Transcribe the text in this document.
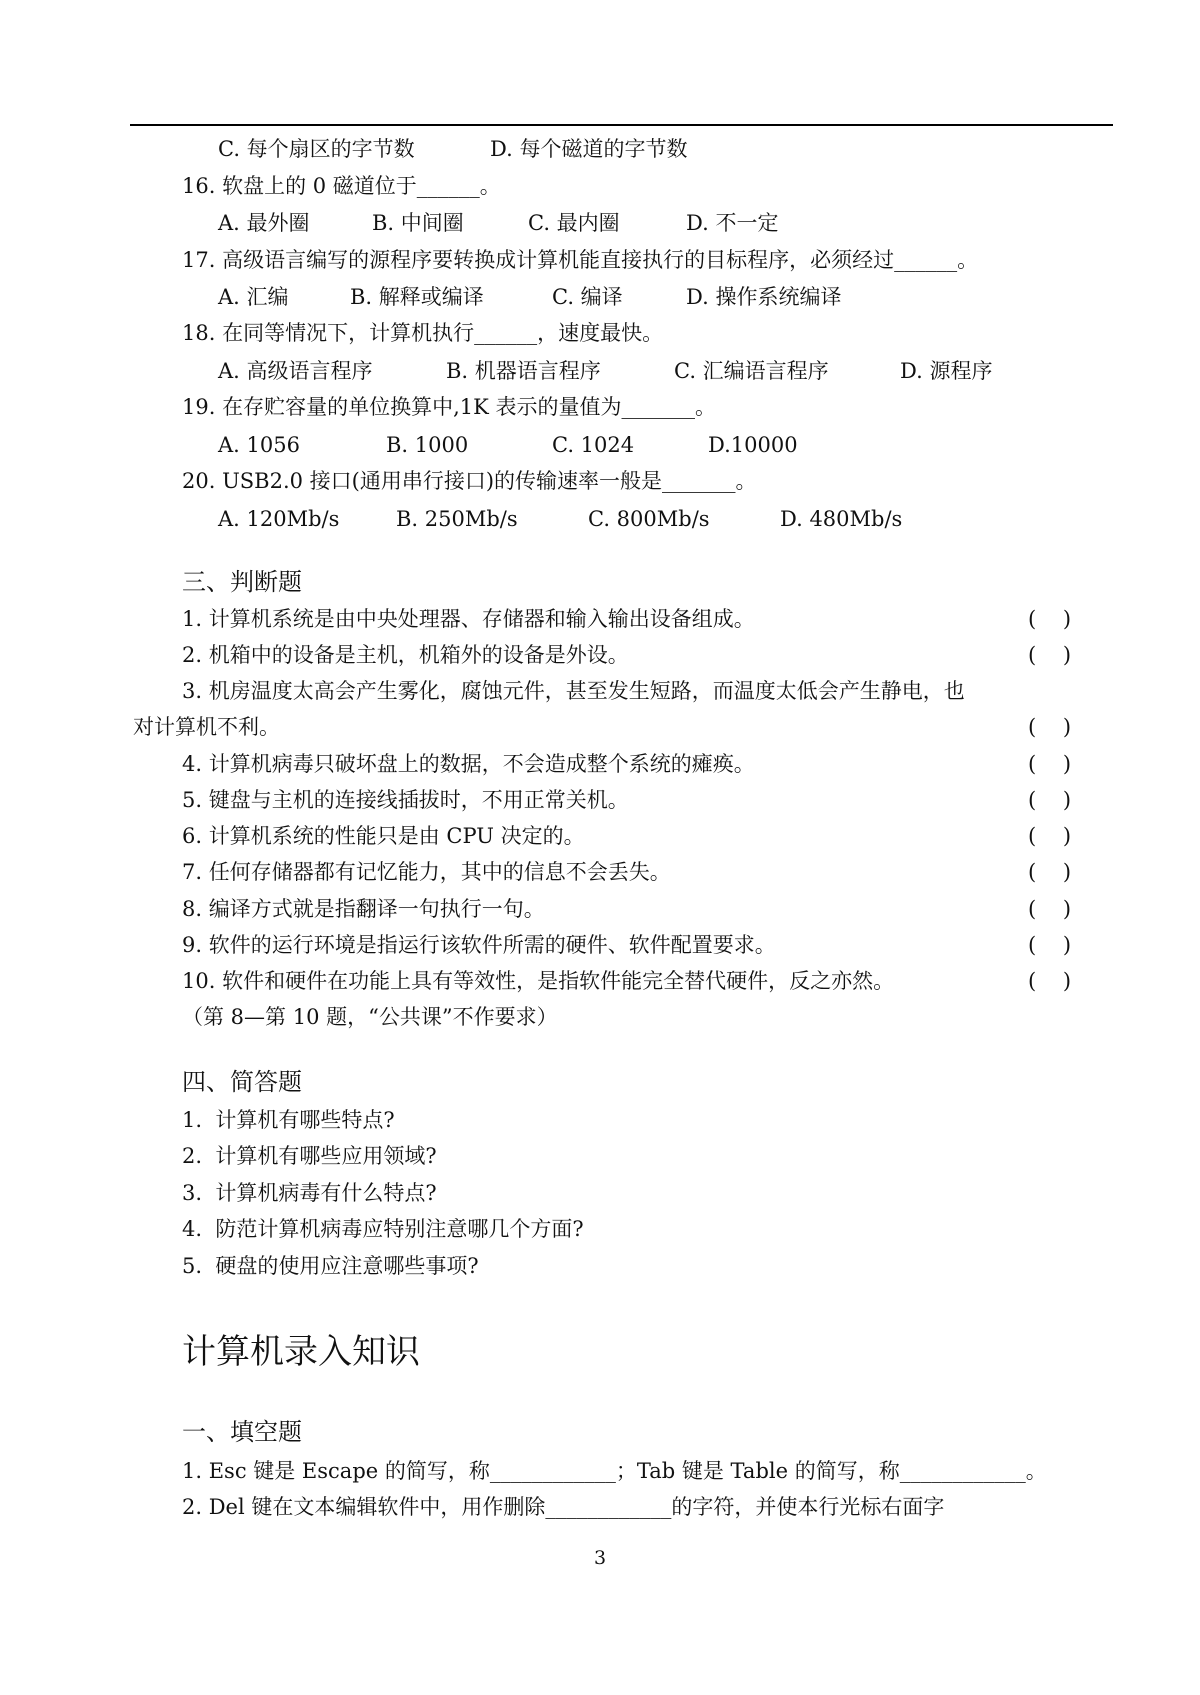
C. 每个扇区的字节数	D. 每个磁道的字节数
16. 软盘上的 0 磁道位于______。
A. 最外圈	B. 中间圈	C. 最内圈	D. 不一定
17. 高级语言编写的源程序要转换成计算机能直接执行的目标程序，必须经过______。
A. 汇编	B. 解释或编译	C. 编译	D. 操作系统编译
18. 在同等情况下，计算机执行______，速度最快。
A. 高级语言程序	B. 机器语言程序	C. 汇编语言程序	D. 源程序
19. 在存贮容量的单位换算中,1K 表示的量值为_______。
A. 1056	B. 1000	C. 1024	D.10000
20. USB2.0 接口(通用串行接口)的传输速率一般是_______。
A. 120Mb/s	B. 250Mb/s	C. 800Mb/s	D. 480Mb/s
三、判断题
1. 计算机系统是由中央处理器、存储器和输入输出设备组成。	(    )
2. 机箱中的设备是主机，机箱外的设备是外设。	(    )
3. 机房温度太高会产生雾化，腐蚀元件，甚至发生短路，而温度太低会产生静电，也
对计算机不利。	(    )
4. 计算机病毒只破坏盘上的数据，不会造成整个系统的瘫痪。	(    )
5. 键盘与主机的连接线插拔时，不用正常关机。	(    )
6. 计算机系统的性能只是由 CPU 决定的。	(    )
7. 任何存储器都有记忆能力，其中的信息不会丢失。	(    )
8. 编译方式就是指翻译一句执行一句。	(    )
9. 软件的运行环境是指运行该软件所需的硬件、软件配置要求。	(    )
10. 软件和硬件在功能上具有等效性，是指软件能完全替代硬件，反之亦然。	(    )
（第 8—第 10 题，“公共课”不作要求）
四、简答题
1.  计算机有哪些特点?
2.  计算机有哪些应用领域?
3.  计算机病毒有什么特点?
4.  防范计算机病毒应特别注意哪几个方面?
5.  硬盘的使用应注意哪些事项?
计算机录入知识
一、填空题
1. Esc 键是 Escape 的简写，称____________；Tab 键是 Table 的简写，称____________。
2. Del 键在文本编辑软件中，用作删除____________的字符，并使本行光标右面字
3
